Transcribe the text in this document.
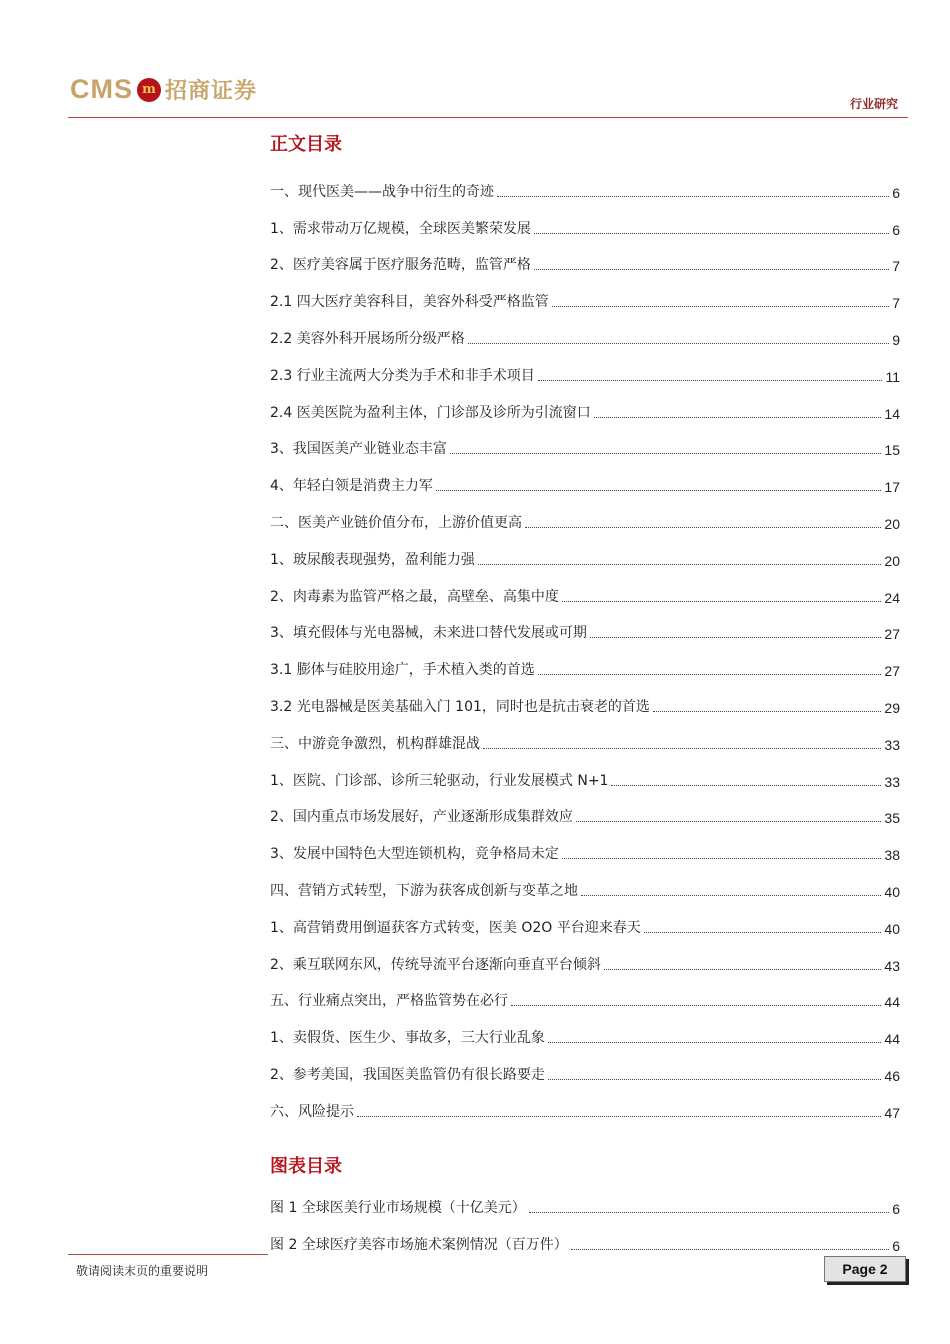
CMS m 招商证券	行业研究
正文目录
一、现代医美——战争中衍生的奇迹	6
1、需求带动万亿规模，全球医美繁荣发展	6
2、医疗美容属于医疗服务范畴，监管严格	7
2.1 四大医疗美容科目，美容外科受严格监管	7
2.2 美容外科开展场所分级严格	9
2.3 行业主流两大分类为手术和非手术项目	11
2.4 医美医院为盈利主体，门诊部及诊所为引流窗口	14
3、我国医美产业链业态丰富	15
4、年轻白领是消费主力军	17
二、医美产业链价值分布，上游价值更高	20
1、玻尿酸表现强势，盈利能力强	20
2、肉毒素为监管严格之最，高壁垒、高集中度	24
3、填充假体与光电器械，未来进口替代发展或可期	27
3.1 膨体与硅胶用途广，手术植入类的首选	27
3.2 光电器械是医美基础入门 101，同时也是抗击衰老的首选	29
三、中游竞争激烈，机构群雄混战	33
1、医院、门诊部、诊所三轮驱动，行业发展模式 N+1	33
2、国内重点市场发展好，产业逐渐形成集群效应	35
3、发展中国特色大型连锁机构，竞争格局未定	38
四、营销方式转型，下游为获客成创新与变革之地	40
1、高营销费用倒逼获客方式转变，医美 O2O 平台迎来春天	40
2、乘互联网东风，传统导流平台逐渐向垂直平台倾斜	43
五、行业痛点突出，严格监管势在必行	44
1、卖假货、医生少、事故多，三大行业乱象	44
2、参考美国，我国医美监管仍有很长路要走	46
六、风险提示	47
图表目录
图 1 全球医美行业市场规模（十亿美元）	6
图 2 全球医疗美容市场施术案例情况（百万件）	6
敬请阅读末页的重要说明	Page 2
